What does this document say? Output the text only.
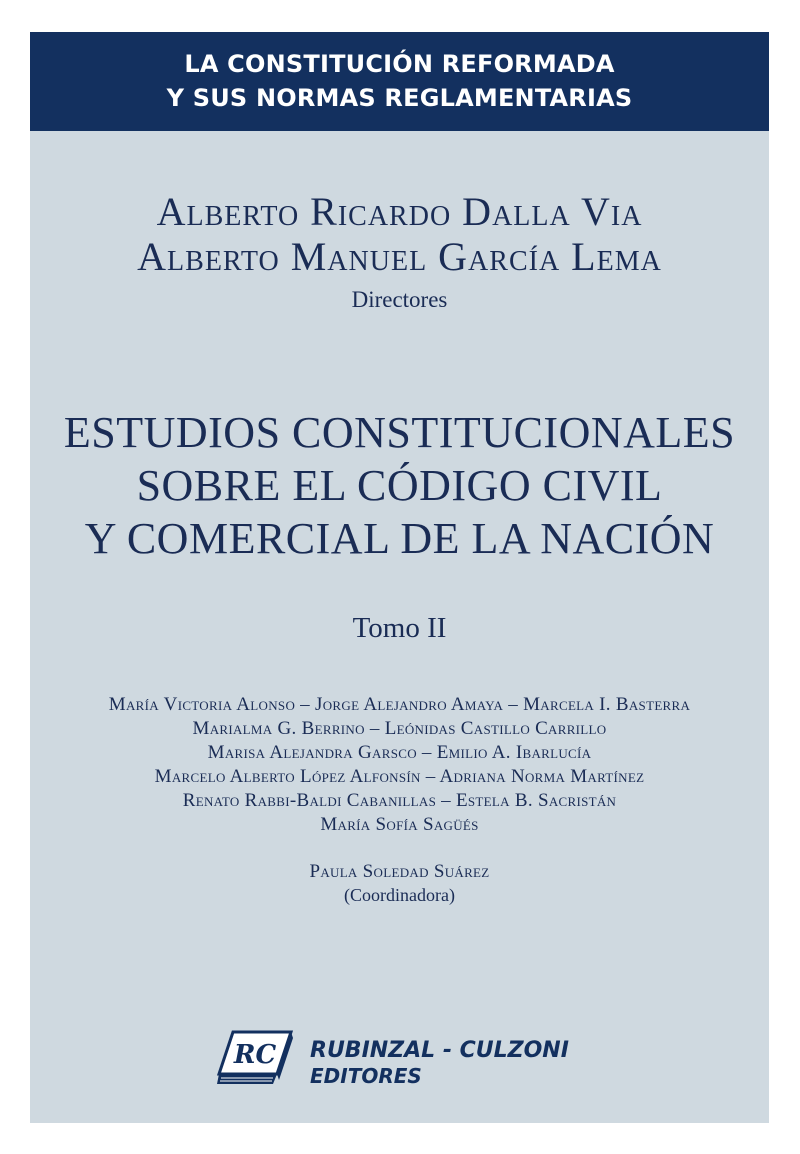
LA CONSTITUCIÓN REFORMADA
Y SUS NORMAS REGLAMENTARIAS
Alberto Ricardo Dalla Via
Alberto Manuel García Lema
Directores
ESTUDIOS CONSTITUCIONALES
SOBRE EL CÓDIGO CIVIL
Y COMERCIAL DE LA NACIÓN
Tomo II
María Victoria Alonso – Jorge Alejandro Amaya – Marcela I. Basterra
Marialma G. Berrino – Leónidas Castillo Carrillo
Marisa Alejandra Garsco – Emilio A. Ibarlucía
Marcelo Alberto López Alfonsín – Adriana Norma Martínez
Renato Rabbi-Baldi Cabanillas – Estela B. Sacristán
María Sofía Sagüés
Paula Soledad Suárez
(Coordinadora)
RC RUBINZAL - CULZONI
EDITORES
